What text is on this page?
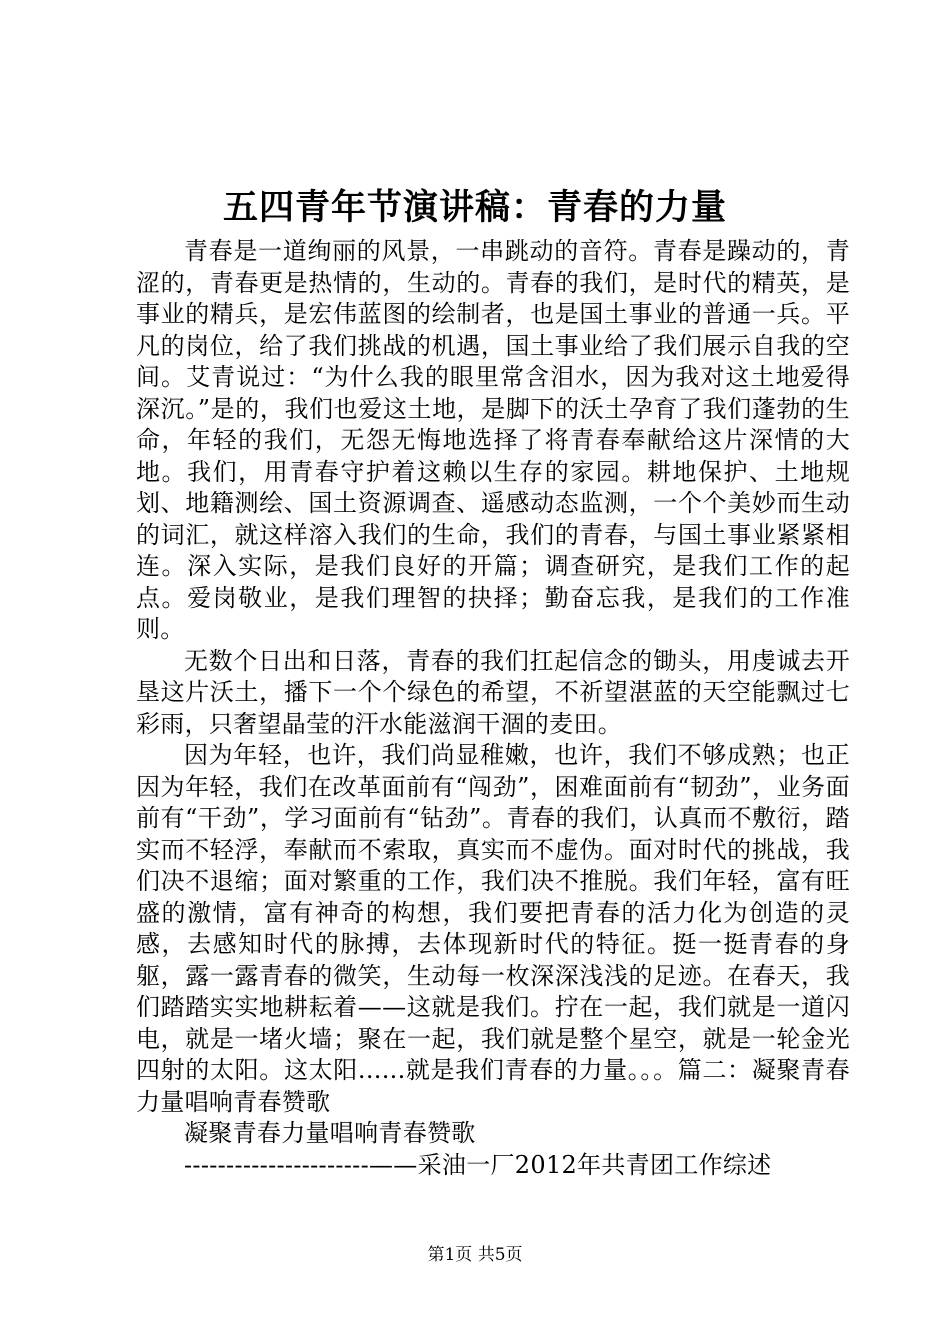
五四青年节演讲稿：青春的力量

青春是一道绚丽的风景，一串跳动的音符。青春是躁动的，青涩的，青春更是热情的，生动的。青春的我们，是时代的精英，是事业的精兵，是宏伟蓝图的绘制者，也是国土事业的普通一兵。平凡的岗位，给了我们挑战的机遇，国土事业给了我们展示自我的空间。艾青说过：“为什么我的眼里常含泪水，因为我对这土地爱得深沉。”是的，我们也爱这土地，是脚下的沃土孕育了我们蓬勃的生命，年轻的我们，无怨无悔地选择了将青春奉献给这片深情的大地。我们，用青春守护着这赖以生存的家园。耕地保护、土地规划、地籍测绘、国土资源调查、遥感动态监测，一个个美妙而生动的词汇，就这样溶入我们的生命，我们的青春，与国土事业紧紧相连。深入实际，是我们良好的开篇；调查研究，是我们工作的起点。爱岗敬业，是我们理智的抉择；勤奋忘我，是我们的工作准则。

无数个日出和日落，青春的我们扛起信念的锄头，用虔诚去开垦这片沃土，播下一个个绿色的希望，不祈望湛蓝的天空能飘过七彩雨，只奢望晶莹的汗水能滋润干涸的麦田。

因为年轻，也许，我们尚显稚嫩，也许，我们不够成熟；也正因为年轻，我们在改革面前有“闯劲”，困难面前有“韧劲”，业务面前有“干劲”，学习面前有“钻劲”。青春的我们，认真而不敷衍，踏实而不轻浮，奉献而不索取，真实而不虚伪。面对时代的挑战，我们决不退缩；面对繁重的工作，我们决不推脱。我们年轻，富有旺盛的激情，富有神奇的构想，我们要把青春的活力化为创造的灵感，去感知时代的脉搏，去体现新时代的特征。挺一挺青春的身躯，露一露青春的微笑，生动每一枚深深浅浅的足迹。在春天，我们踏踏实实地耕耘着——这就是我们。拧在一起，我们就是一道闪电，就是一堵火墙；聚在一起，我们就是整个星空，就是一轮金光四射的太阳。这太阳......就是我们青春的力量。。。篇二：凝聚青春力量唱响青春赞歌

凝聚青春力量唱响青春赞歌

----------------------——采油一厂2012年共青团工作综述

第1页 共5页
